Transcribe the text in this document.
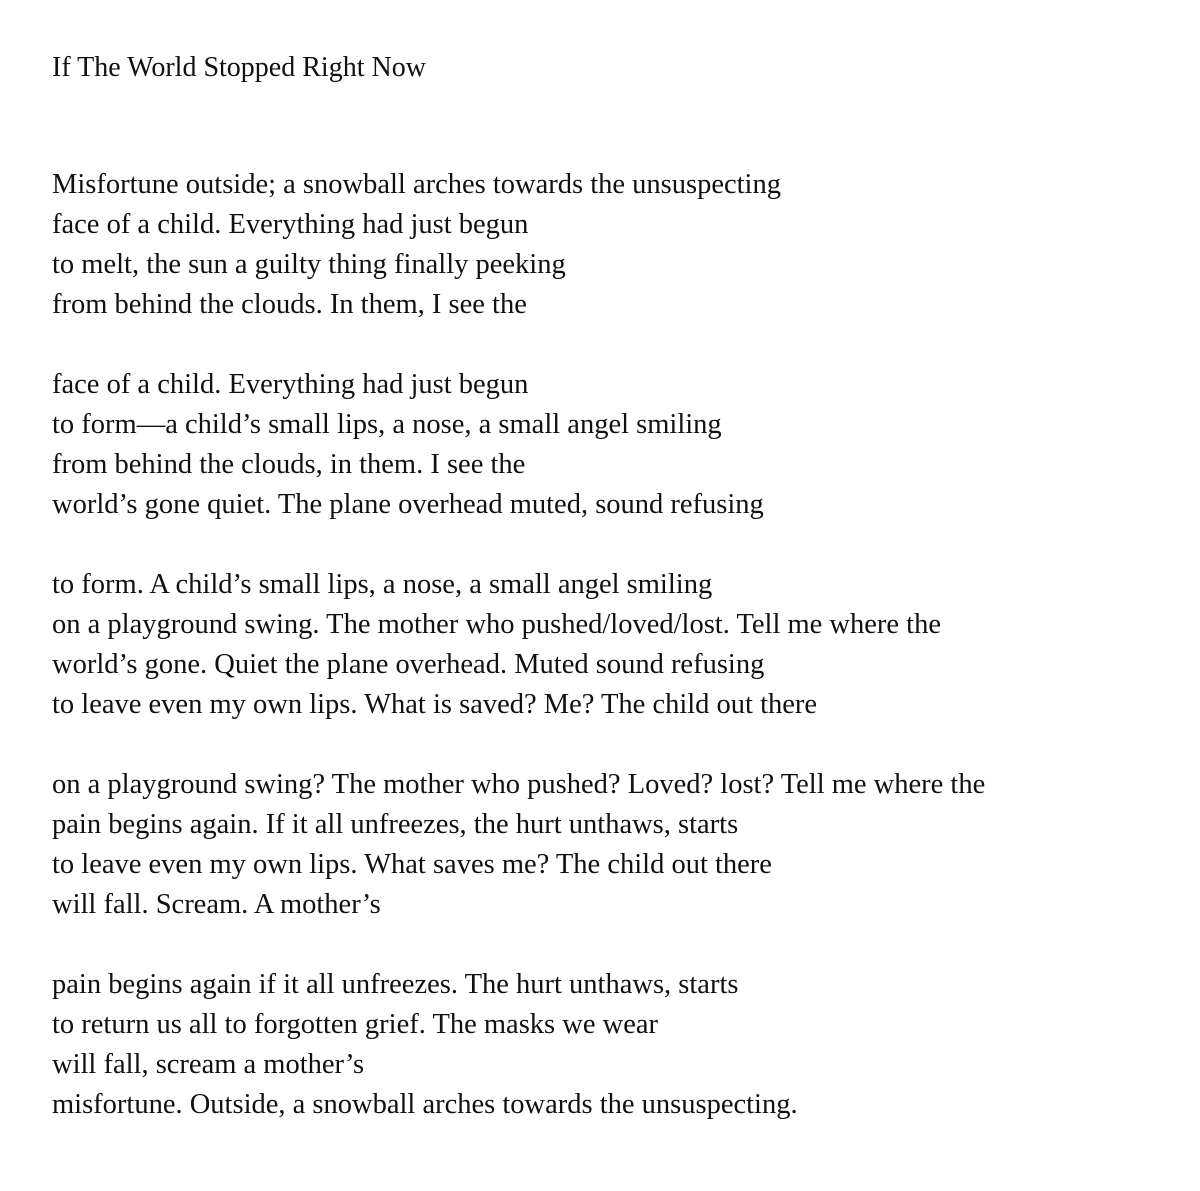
If The World Stopped Right Now
Misfortune outside; a snowball arches towards the unsuspecting
face of a child. Everything had just begun
to melt, the sun a guilty thing finally peeking
from behind the clouds. In them, I see the
face of a child. Everything had just begun
to form—a child’s small lips, a nose, a small angel smiling
from behind the clouds, in them. I see the
world’s gone quiet. The plane overhead muted, sound refusing
to form. A child’s small lips, a nose, a small angel smiling
on a playground swing. The mother who pushed/loved/lost. Tell me where the
world’s gone. Quiet the plane overhead. Muted sound refusing
to leave even my own lips. What is saved? Me? The child out there
on a playground swing? The mother who pushed? Loved? lost? Tell me where the
pain begins again. If it all unfreezes, the hurt unthaws, starts
to leave even my own lips. What saves me? The child out there
will fall. Scream. A mother’s
pain begins again if it all unfreezes. The hurt unthaws, starts
to return us all to forgotten grief. The masks we wear
will fall, scream a mother’s
misfortune. Outside, a snowball arches towards the unsuspecting.
